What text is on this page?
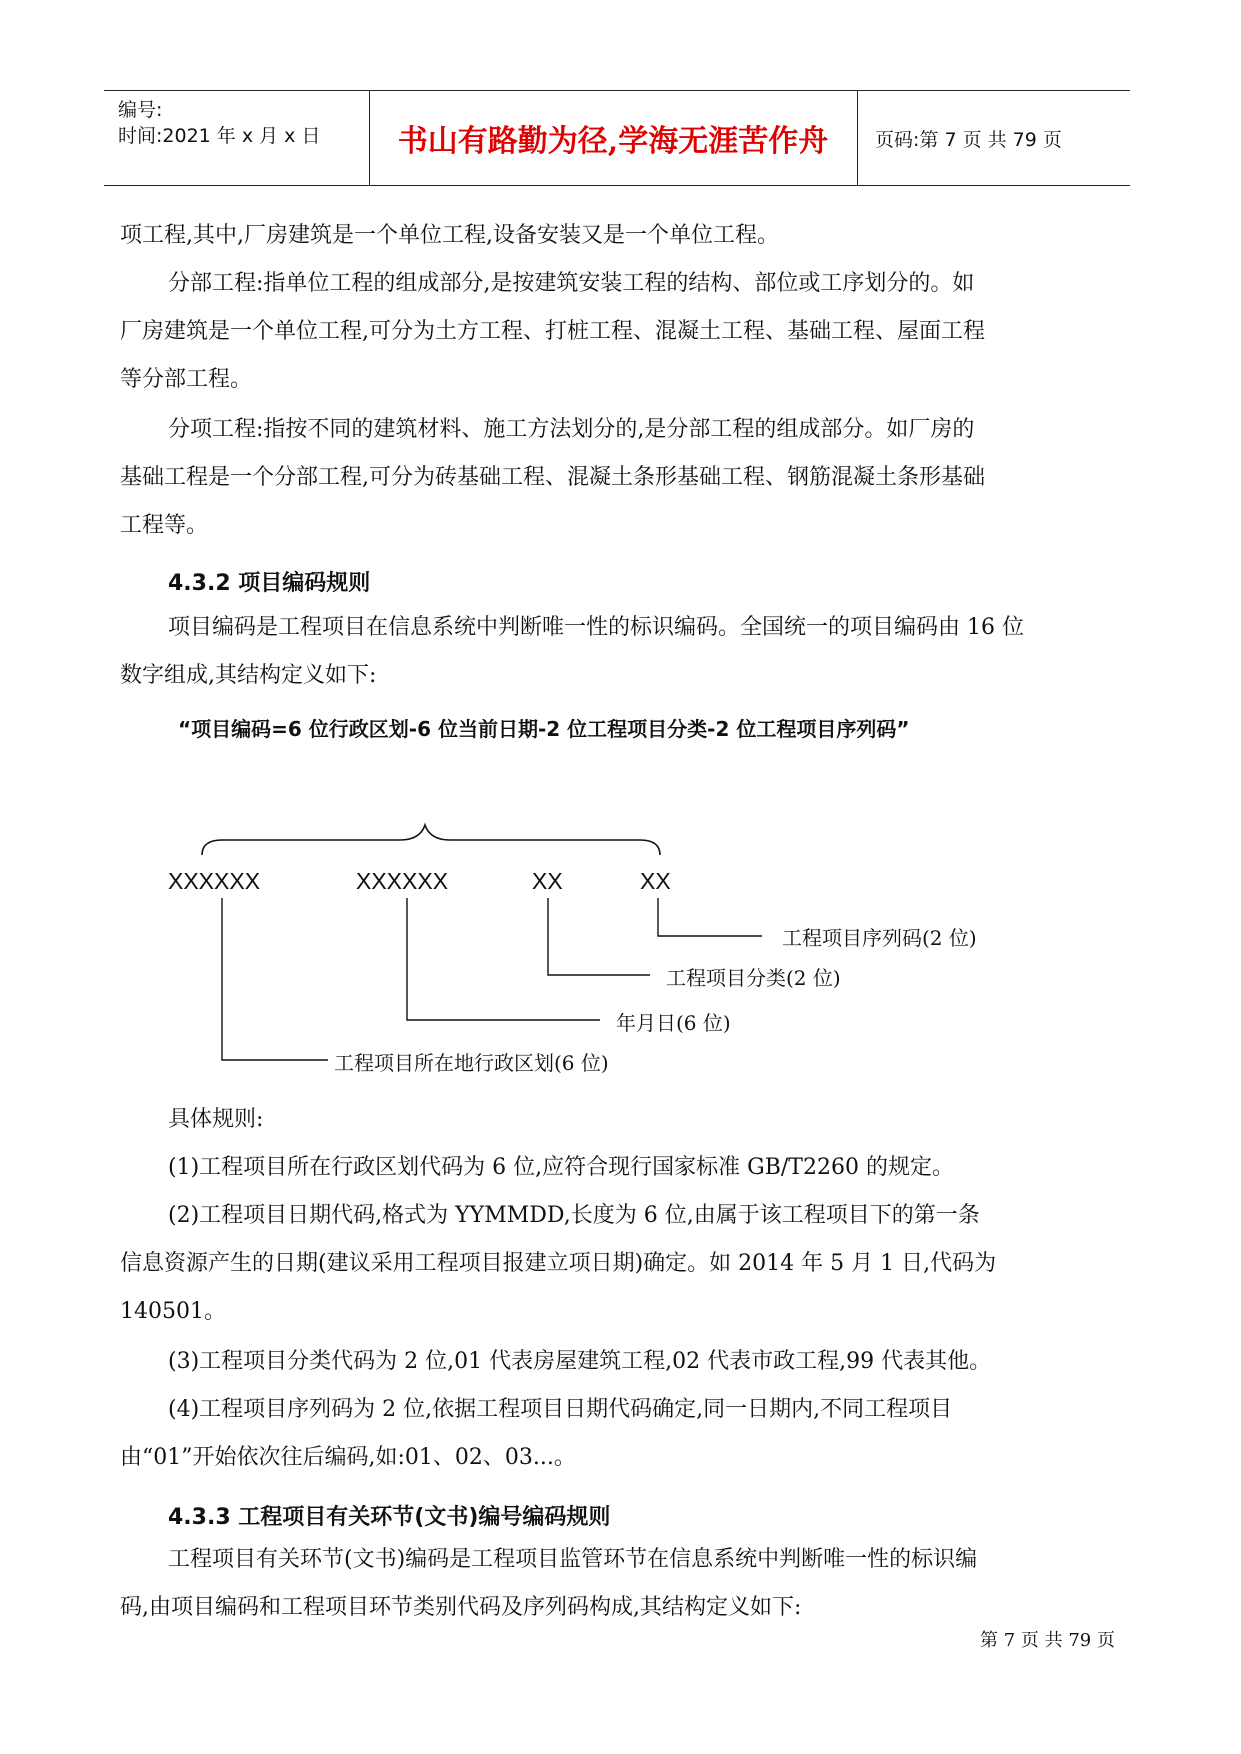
编号:
时间:2021 年 x 月 x 日	书山有路勤为径,学海无涯苦作舟	页码:第 7 页 共 79 页
项工程,其中,厂房建筑是一个单位工程,设备安装又是一个单位工程。
分部工程:指单位工程的组成部分,是按建筑安装工程的结构、部位或工序划分的。如
厂房建筑是一个单位工程,可分为土方工程、打桩工程、混凝土工程、基础工程、屋面工程
等分部工程。
分项工程:指按不同的建筑材料、施工方法划分的,是分部工程的组成部分。如厂房的
基础工程是一个分部工程,可分为砖基础工程、混凝土条形基础工程、钢筋混凝土条形基础
工程等。
4.3.2 项目编码规则
项目编码是工程项目在信息系统中判断唯一性的标识编码。全国统一的项目编码由 16 位
数字组成,其结构定义如下:
“项目编码=6 位行政区划-6 位当前日期-2 位工程项目分类-2 位工程项目序列码”
XXXXXX	XXXXXX	XX	XX
工程项目序列码(2 位)
工程项目分类(2 位)
年月日(6 位)
工程项目所在地行政区划(6 位)
具体规则:
(1)工程项目所在行政区划代码为 6 位,应符合现行国家标准 GB/T2260 的规定。
(2)工程项目日期代码,格式为 YYMMDD,长度为 6 位,由属于该工程项目下的第一条
信息资源产生的日期(建议采用工程项目报建立项日期)确定。如 2014 年 5 月 1 日,代码为
140501。
(3)工程项目分类代码为 2 位,01 代表房屋建筑工程,02 代表市政工程,99 代表其他。
(4)工程项目序列码为 2 位,依据工程项目日期代码确定,同一日期内,不同工程项目
由“01”开始依次往后编码,如:01、02、03...。
4.3.3 工程项目有关环节(文书)编号编码规则
工程项目有关环节(文书)编码是工程项目监管环节在信息系统中判断唯一性的标识编
码,由项目编码和工程项目环节类别代码及序列码构成,其结构定义如下:
第 7 页 共 79 页
